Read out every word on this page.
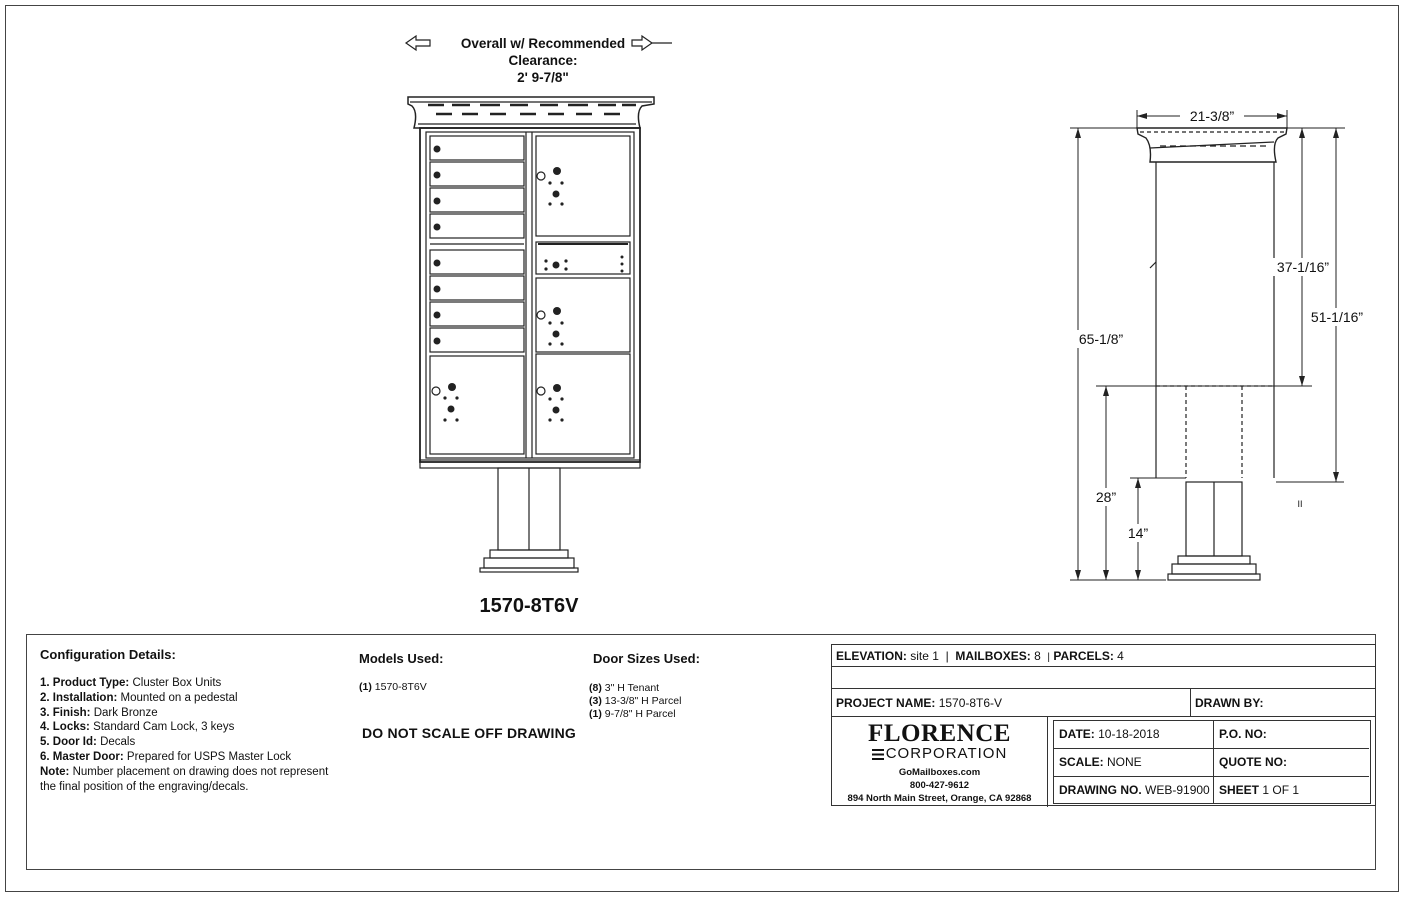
Overall w/ Recommended
Clearance:
2' 9-7/8"
1570-8T6V
21-3/8”
65-1/8”
37-1/16”
51-1/16”
28”
14”
II
Configuration Details:
1. Product Type: Cluster Box Units
2. Installation: Mounted on a pedestal
3. Finish: Dark Bronze
4. Locks: Standard Cam Lock, 3 keys
5. Door Id: Decals
6. Master Door: Prepared for USPS Master Lock
Note: Number placement on drawing does not represent
the final position of the engraving/decals.
Models Used:
(1) 1570-8T6V
DO NOT SCALE OFF DRAWING
Door Sizes Used:
(8) 3" H Tenant
(3) 13-3/8" H Parcel
(1) 9-7/8" H Parcel
ELEVATION: site 1  |  MAILBOXES: 8 | PARCELS: 4
PROJECT NAME: 1570-8T6-V	DRAWN BY:
FLORENCE
CORPORATION
GoMailboxes.com
800-427-9612
894 North Main Street, Orange, CA 92868
DATE: 10-18-2018	P.O. NO:
SCALE: NONE	QUOTE NO:
DRAWING NO. WEB-91900 SHEET 1 OF 1
